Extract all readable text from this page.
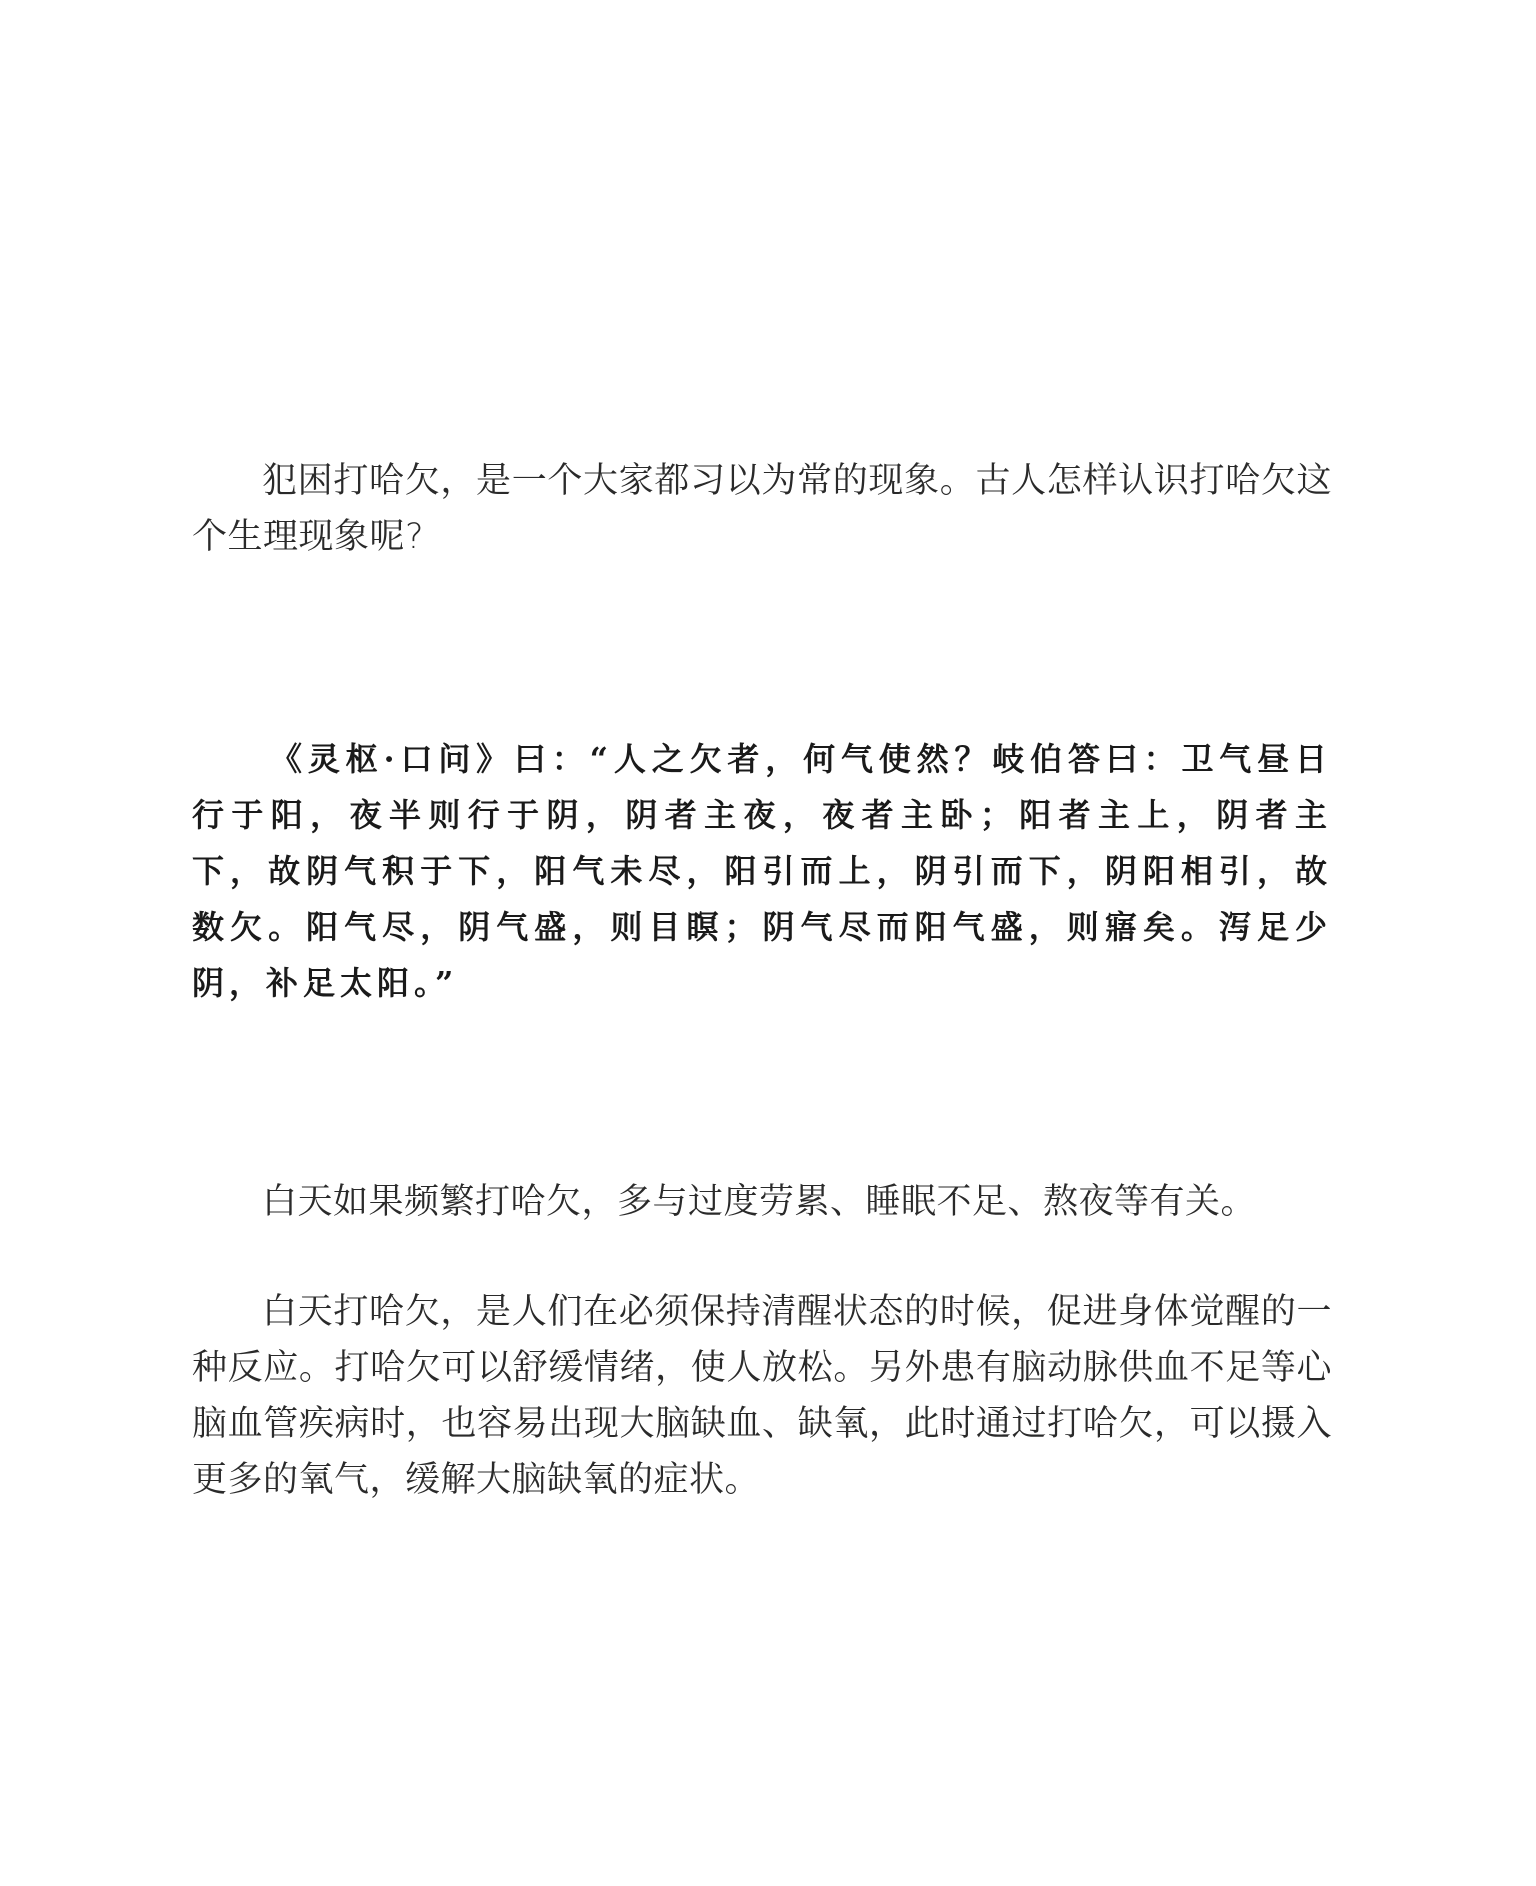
犯困打哈欠，是一个大家都习以为常的现象。古人怎样认识打哈欠这个生理现象呢?

《灵枢·口问》曰：“人之欠者，何气使然？岐伯答曰：卫气昼日行于阳，夜半则行于阴，阴者主夜，夜者主卧；阳者主上，阴者主下，故阴气积于下，阳气未尽，阳引而上，阴引而下，阴阳相引，故数欠。阳气尽，阴气盛，则目瞑；阴气尽而阳气盛，则寤矣。泻足少阴，补足太阳。”

白天如果频繁打哈欠，多与过度劳累、睡眠不足、熬夜等有关。

白天打哈欠，是人们在必须保持清醒状态的时候，促进身体觉醒的一种反应。打哈欠可以舒缓情绪，使人放松。另外患有脑动脉供血不足等心脑血管疾病时，也容易出现大脑缺血、缺氧，此时通过打哈欠，可以摄入更多的氧气，缓解大脑缺氧的症状。
